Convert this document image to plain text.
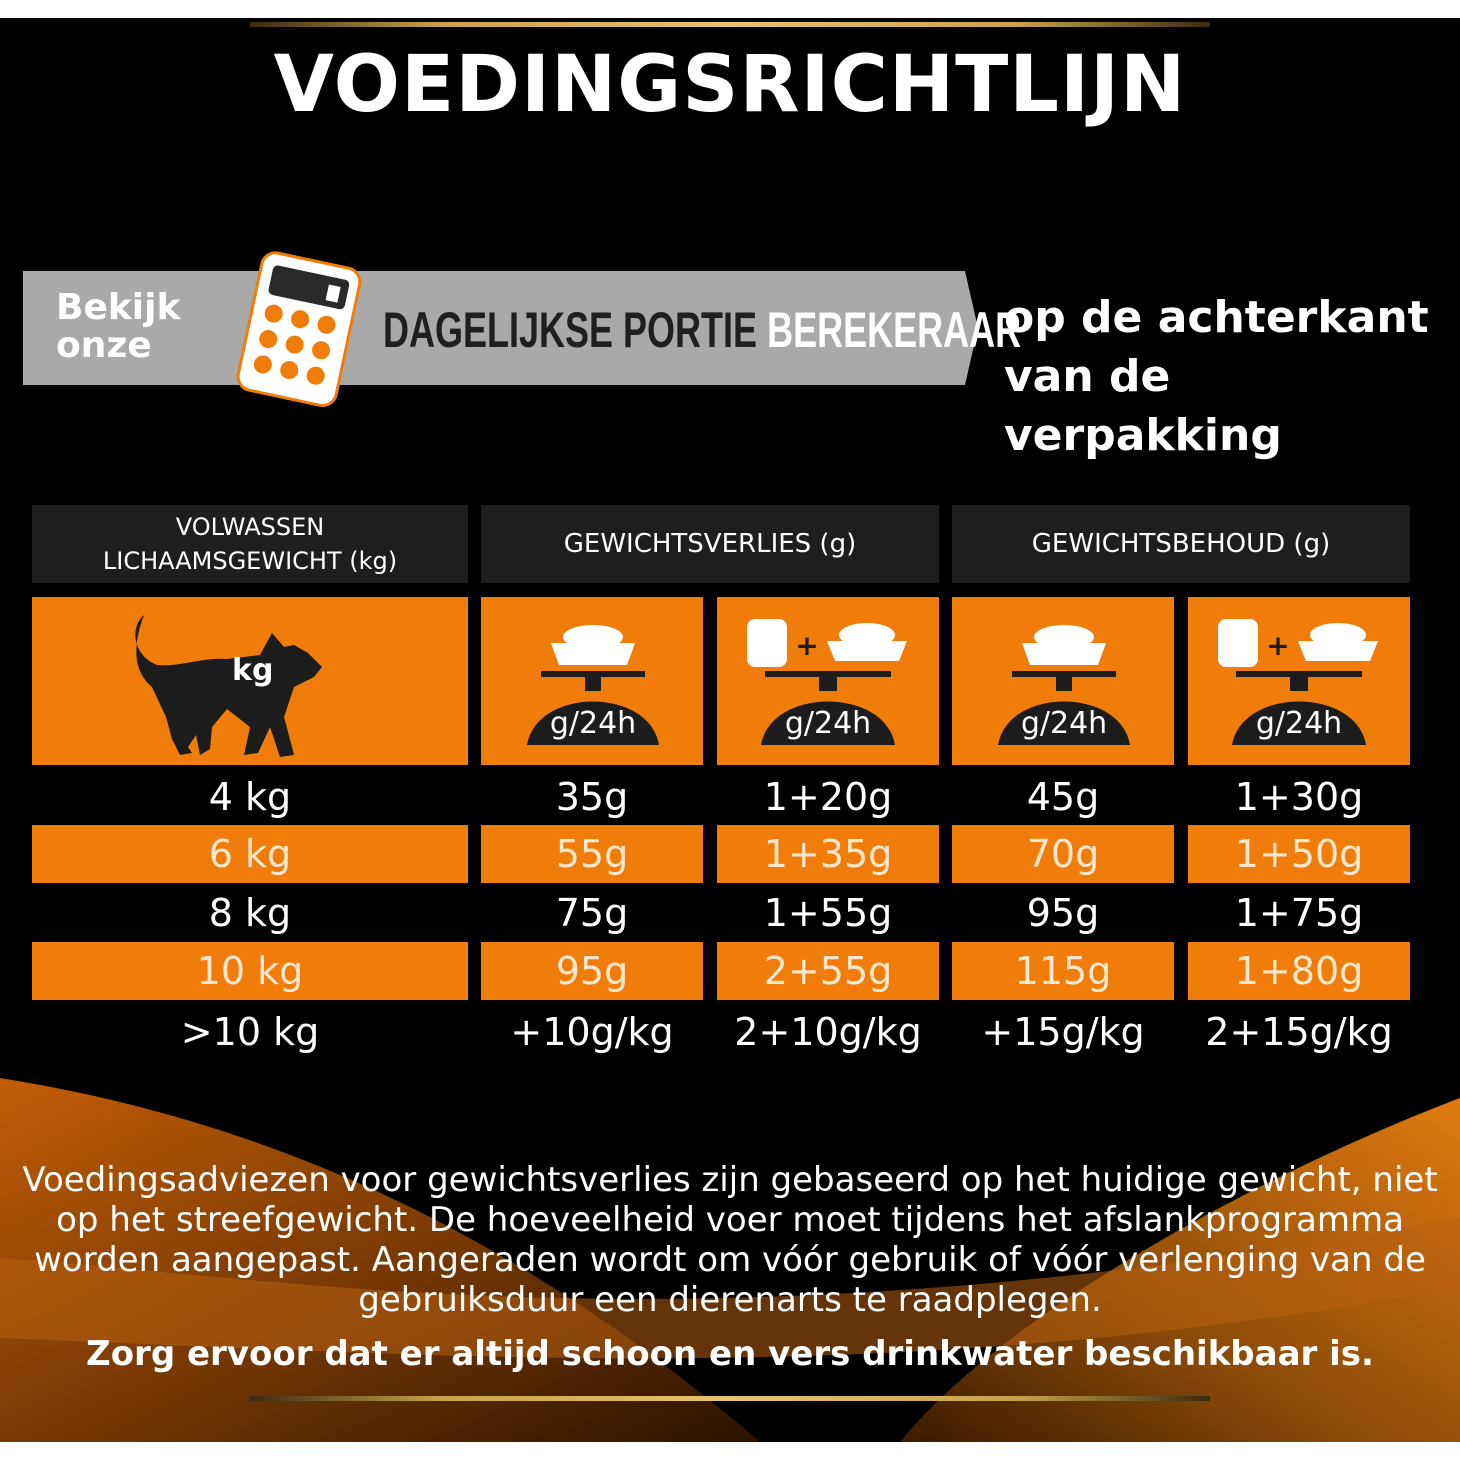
VOEDINGSRICHTLIJN
Bekijk onze	DAGELIJKSE PORTIE BEREKERAAR
op de achterkant van de verpakking
VOLWASSEN LICHAAMSGEWICHT (kg)
GEWICHTSVERLIES (g)	GEWICHTSBEHOUD (g)
kg
g/24h
+
g/24h	g/24h
+
g/24h
4 kg	35g	1+20g	45g	1+30g
6 kg	55g	1+35g	70g	1+50g
8 kg	75g	1+55g	95g	1+75g
10 kg	95g	2+55g	115g	1+80g
>10 kg	+10g/kg	2+10g/kg	+15g/kg	2+15g/kg
Voedingsadviezen voor gewichtsverlies zijn gebaseerd op het huidige gewicht, niet op het streefgewicht. De hoeveelheid voer moet tijdens het afslankprogramma worden aangepast. Aangeraden wordt om vóór gebruik of vóór verlenging van de gebruiksduur een dierenarts te raadplegen.
Zorg ervoor dat er altijd schoon en vers drinkwater beschikbaar is.
